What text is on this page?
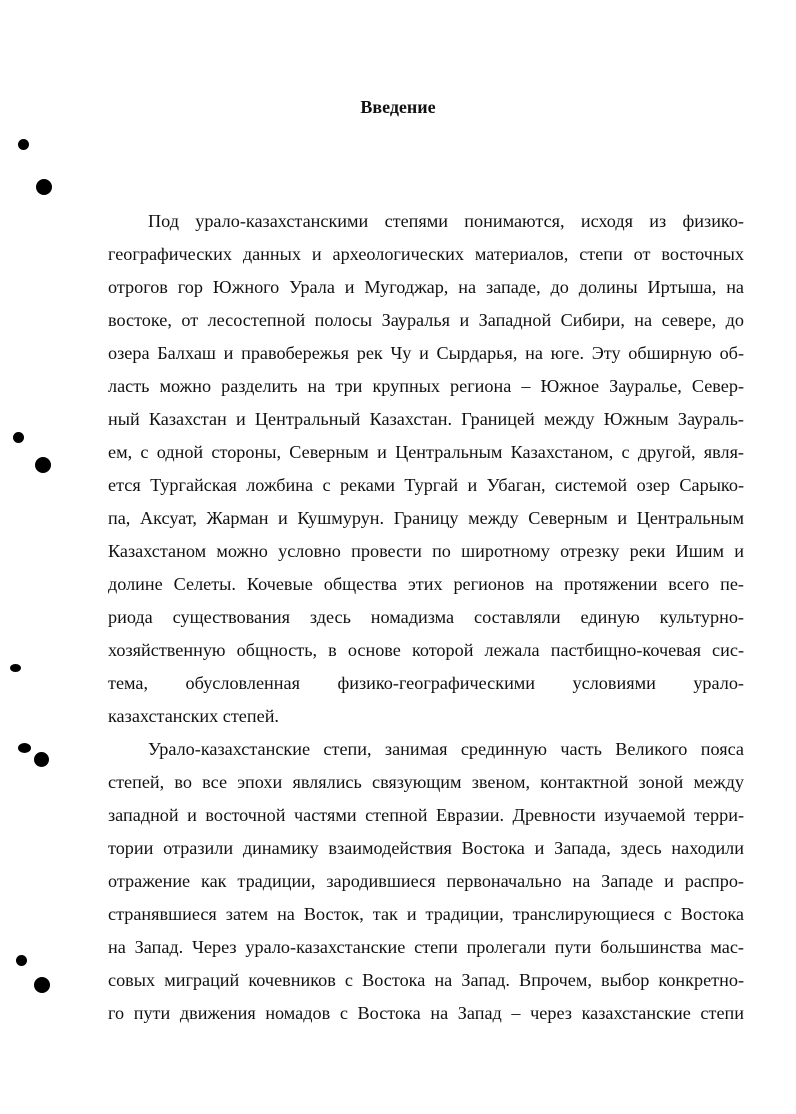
Введение
Под урало-казахстанскими степями понимаются, исходя из физико-
географических данных и археологических материалов, степи от восточных
отрогов гор Южного Урала и Мугоджар, на западе, до долины Иртыша, на
востоке, от лесостепной полосы Зауралья и Западной Сибири, на севере, до
озера Балхаш и правобережья рек Чу и Сырдарья, на юге. Эту обширную об-
ласть можно разделить на три крупных региона – Южное Зауралье, Север-
ный Казахстан и Центральный Казахстан. Границей между Южным Заураль-
ем, с одной стороны, Северным и Центральным Казахстаном, с другой, явля-
ется Тургайская ложбина с реками Тургай и Убаган, системой озер Сарыко-
па, Аксуат, Жарман и Кушмурун. Границу между Северным и Центральным
Казахстаном можно условно провести по широтному отрезку реки Ишим и
долине Селеты. Кочевые общества этих регионов на протяжении всего пе-
риода существования здесь номадизма составляли единую культурно-
хозяйственную общность, в основе которой лежала пастбищно-кочевая сис-
тема, обусловленная физико-географическими условиями урало-
казахстанских степей.
Урало-казахстанские степи, занимая срединную часть Великого пояса
степей, во все эпохи являлись связующим звеном, контактной зоной между
западной и восточной частями степной Евразии. Древности изучаемой терри-
тории отразили динамику взаимодействия Востока и Запада, здесь находили
отражение как традиции, зародившиеся первоначально на Западе и распро-
странявшиеся затем на Восток, так и традиции, транслирующиеся с Востока
на Запад. Через урало-казахстанские степи пролегали пути большинства мас-
совых миграций кочевников с Востока на Запад. Впрочем, выбор конкретно-
го пути движения номадов с Востока на Запад – через казахстанские степи
